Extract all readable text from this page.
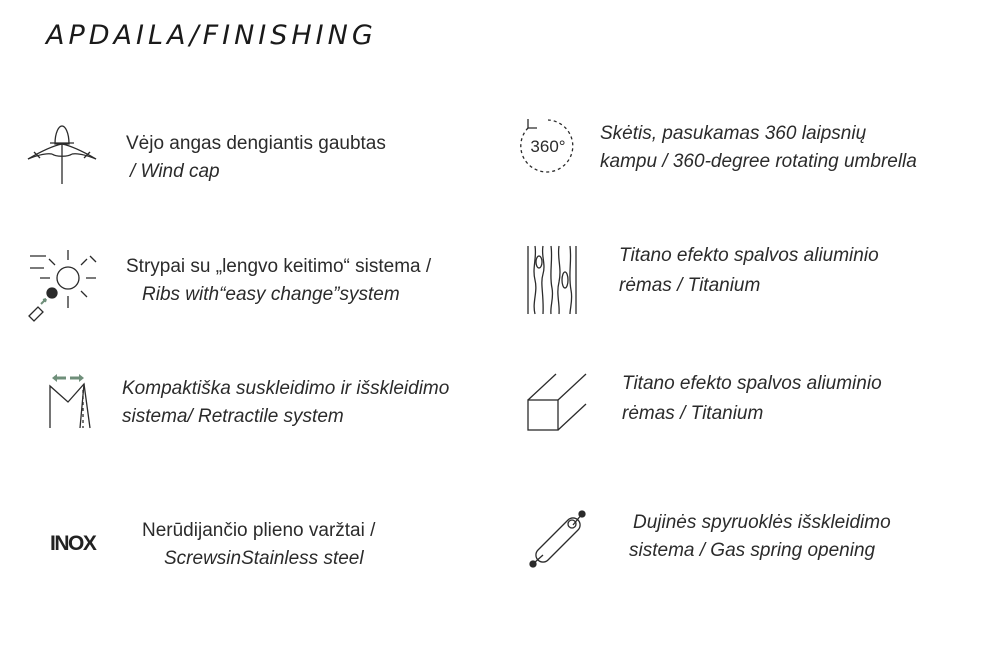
APDAILA/FINISHING
Vėjo angas dengiantis gaubtas
/ Wind cap
360°
Skėtis, pasukamas 360 laipsnių
kampu / 360-degree rotating umbrella
Strypai su „lengvo keitimo“ sistema /
Ribs with“easy change”system
Titano efekto spalvos aliuminio
rėmas / Titanium
Kompaktiška suskleidimo ir išskleidimo
sistema/ Retractile system
Titano efekto spalvos aliuminio
rėmas / Titanium
INOX
Nerūdijančio plieno varžtai /
ScrewsinStainless steel
Dujinės spyruoklės išskleidimo
sistema / Gas spring opening
